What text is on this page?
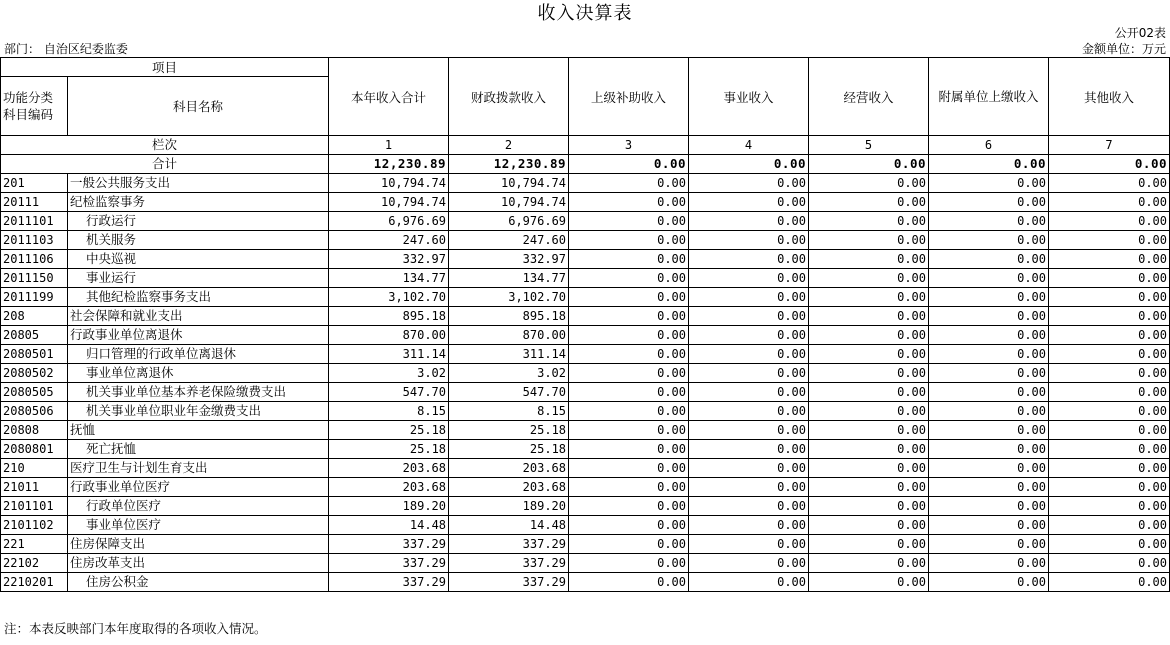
收入决算表
公开02表
部门： 自治区纪委监委	金额单位：万元
项目		本年收入合计	财政拨款收入	上级补助收入	事业收入	经营收入	附属单位上缴收入	其他收入
功能分类科目编码	科目名称							
栏次		1	2	3	4	5	6	7
合计		12,230.89	12,230.89	0.00	0.00	0.00	0.00	0.00
201	一般公共服务支出	10,794.74	10,794.74	0.00	0.00	0.00	0.00	0.00
20111	纪检监察事务	10,794.74	10,794.74	0.00	0.00	0.00	0.00	0.00
2011101	行政运行	6,976.69	6,976.69	0.00	0.00	0.00	0.00	0.00
2011103	机关服务	247.60	247.60	0.00	0.00	0.00	0.00	0.00
2011106	中央巡视	332.97	332.97	0.00	0.00	0.00	0.00	0.00
2011150	事业运行	134.77	134.77	0.00	0.00	0.00	0.00	0.00
2011199	其他纪检监察事务支出	3,102.70	3,102.70	0.00	0.00	0.00	0.00	0.00
208	社会保障和就业支出	895.18	895.18	0.00	0.00	0.00	0.00	0.00
20805	行政事业单位离退休	870.00	870.00	0.00	0.00	0.00	0.00	0.00
2080501	归口管理的行政单位离退休	311.14	311.14	0.00	0.00	0.00	0.00	0.00
2080502	事业单位离退休	3.02	3.02	0.00	0.00	0.00	0.00	0.00
2080505	机关事业单位基本养老保险缴费支出	547.70	547.70	0.00	0.00	0.00	0.00	0.00
2080506	机关事业单位职业年金缴费支出	8.15	8.15	0.00	0.00	0.00	0.00	0.00
20808	抚恤	25.18	25.18	0.00	0.00	0.00	0.00	0.00
2080801	死亡抚恤	25.18	25.18	0.00	0.00	0.00	0.00	0.00
210	医疗卫生与计划生育支出	203.68	203.68	0.00	0.00	0.00	0.00	0.00
21011	行政事业单位医疗	203.68	203.68	0.00	0.00	0.00	0.00	0.00
2101101	行政单位医疗	189.20	189.20	0.00	0.00	0.00	0.00	0.00
2101102	事业单位医疗	14.48	14.48	0.00	0.00	0.00	0.00	0.00
221	住房保障支出	337.29	337.29	0.00	0.00	0.00	0.00	0.00
22102	住房改革支出	337.29	337.29	0.00	0.00	0.00	0.00	0.00
2210201	住房公积金	337.29	337.29	0.00	0.00	0.00	0.00	0.00
注：本表反映部门本年度取得的各项收入情况。
